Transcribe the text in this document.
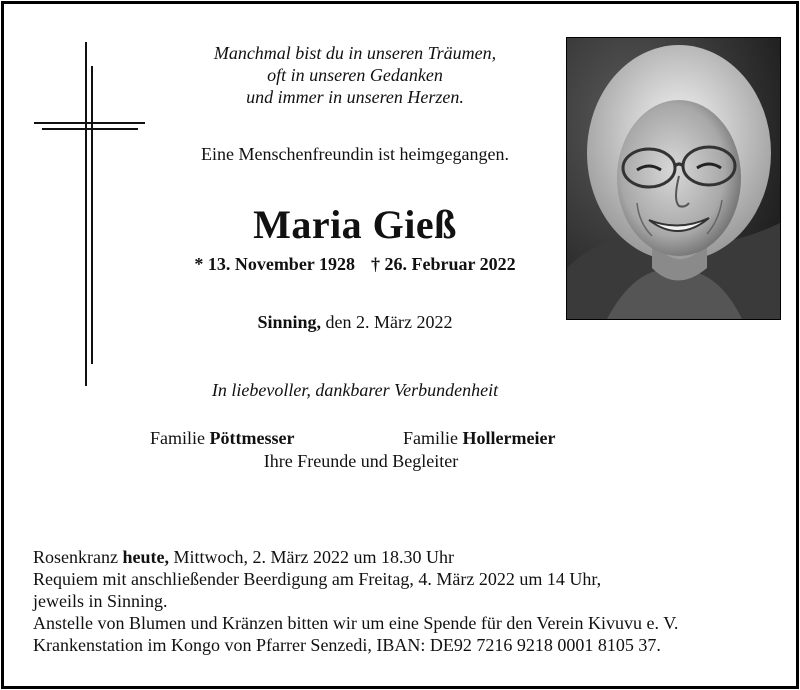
Manchmal bist du in unseren Träumen,
oft in unseren Gedanken
und immer in unseren Herzen.
Eine Menschenfreundin ist heimgegangen.
Maria Gieß
* 13. November 1928 † 26. Februar 2022
Sinning, den 2. März 2022
In liebevoller, dankbarer Verbundenheit
Familie Pöttmesser	Familie Hollermeier
Ihre Freunde und Begleiter
Rosenkranz heute, Mittwoch, 2. März 2022 um 18.30 Uhr
Requiem mit anschließender Beerdigung am Freitag, 4. März 2022 um 14 Uhr,
jeweils in Sinning.
Anstelle von Blumen und Kränzen bitten wir um eine Spende für den Verein Kivuvu e. V.
Krankenstation im Kongo von Pfarrer Senzedi, IBAN: DE92 7216 9218 0001 8105 37.
